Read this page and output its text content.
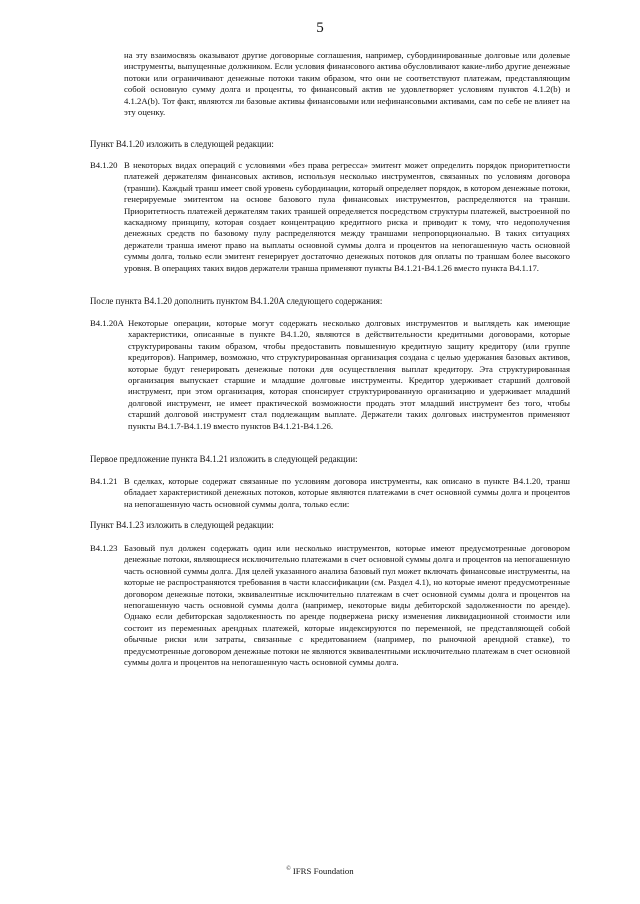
5
на эту взаимосвязь оказывают другие договорные соглашения, например, субординированные долговые или долевые инструменты, выпущенные должником. Если условия финансового актива обусловливают какие-либо другие денежные потоки или ограничивают денежные потоки таким образом, что они не соответствуют платежам, представляющим собой основную сумму долга и проценты, то финансовый актив не удовлетворяет условиям пунктов 4.1.2(b) и 4.1.2A(b). Тот факт, являются ли базовые активы финансовыми или нефинансовыми активами, сам по себе не влияет на эту оценку.
Пункт B4.1.20 изложить в следующей редакции:
B4.1.20 В некоторых видах операций с условиями «без права регресса» эмитент может определить порядок приоритетности платежей держателям финансовых активов, используя несколько инструментов, связанных по условиям договора (транши). Каждый транш имеет свой уровень субординации, который определяет порядок, в котором денежные потоки, генерируемые эмитентом на основе базового пула финансовых инструментов, распределяются на транши. Приоритетность платежей держателям таких траншей определяется посредством структуры платежей, выстроенной по каскадному принципу, которая создает концентрацию кредитного риска и приводит к тому, что недополучения денежных средств по базовому пулу распределяются между траншами непропорционально. В таких ситуациях держатели транша имеют право на выплаты основной суммы долга и процентов на непогашенную часть основной суммы долга, только если эмитент генерирует достаточно денежных потоков для оплаты по траншам более высокого уровня. В операциях таких видов держатели транша применяют пункты B4.1.21-B4.1.26 вместо пункта B4.1.17.
После пункта B4.1.20 дополнить пунктом B4.1.20A следующего содержания:
B4.1.20A Некоторые операции, которые могут содержать несколько долговых инструментов и выглядеть как имеющие характеристики, описанные в пункте B4.1.20, являются в действительности кредитными договорами, которые структурированы таким образом, чтобы предоставить повышенную кредитную защиту кредитору (или группе кредиторов). Например, возможно, что структурированная организация создана с целью удержания базовых активов, которые будут генерировать денежные потоки для осуществления выплат кредитору. Эта структурированная организация выпускает старшие и младшие долговые инструменты. Кредитор удерживает старший долговой инструмент, при этом организация, которая спонсирует структурированную организацию и удерживает младший долговой инструмент, не имеет практической возможности продать этот младший инструмент без того, чтобы старший долговой инструмент стал подлежащим выплате. Держатели таких долговых инструментов применяют пункты B4.1.7-B4.1.19 вместо пунктов B4.1.21-B4.1.26.
Первое предложение пункта B4.1.21 изложить в следующей редакции:
B4.1.21 В сделках, которые содержат связанные по условиям договора инструменты, как описано в пункте B4.1.20, транш обладает характеристикой денежных потоков, которые являются платежами в счет основной суммы долга и процентов на непогашенную часть основной суммы долга, только если:
Пункт B4.1.23 изложить в следующей редакции:
B4.1.23 Базовый пул должен содержать один или несколько инструментов, которые имеют предусмотренные договором денежные потоки, являющиеся исключительно платежами в счет основной суммы долга и процентов на непогашенную часть основной суммы долга. Для целей указанного анализа базовый пул может включать финансовые инструменты, на которые не распространяются требования в части классификации (см. Раздел 4.1), но которые имеют предусмотренные договором денежные потоки, эквивалентные исключительно платежам в счет основной суммы долга и процентов на непогашенную часть основной суммы долга (например, некоторые виды дебиторской задолженности по аренде). Однако если дебиторская задолженность по аренде подвержена риску изменения ликвидационной стоимости или состоит из переменных арендных платежей, которые индексируются по переменной, не представляющей собой обычные риски или затраты, связанные с кредитованием (например, по рыночной арендной ставке), то предусмотренные договором денежные потоки не являются эквивалентными исключительно платежам в счет основной суммы долга и процентов на непогашенную часть основной суммы долга.
© IFRS Foundation
